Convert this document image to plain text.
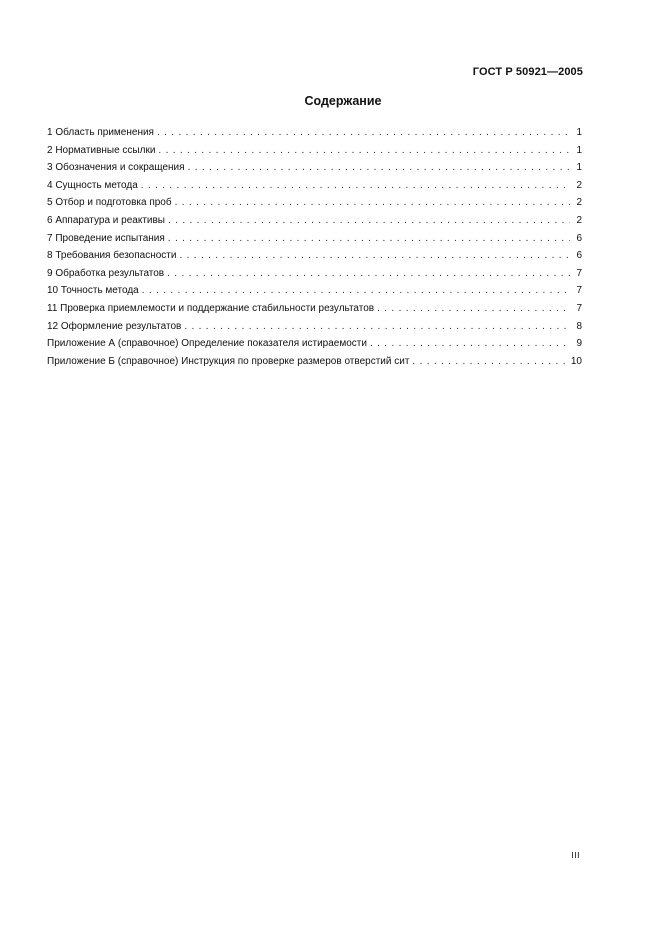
ГОСТ Р 50921—2005
Содержание
1 Область применения . . .	1
2 Нормативные ссылки . . .	1
3 Обозначения и сокращения . . .	1
4 Сущность метода . . .	2
5 Отбор и подготовка проб . . .	2
6 Аппаратура и реактивы . . .	2
7 Проведение испытания . . .	6
8 Требования безопасности . . .	6
9 Обработка результатов . . .	7
10 Точность метода . . .	7
11 Проверка приемлемости и поддержание стабильности результатов . . .	7
12 Оформление результатов . . .	8
Приложение А (справочное) Определение показателя истираемости . . .	9
Приложение Б (справочное) Инструкция по проверке размеров отверстий сит . . .	10
III
